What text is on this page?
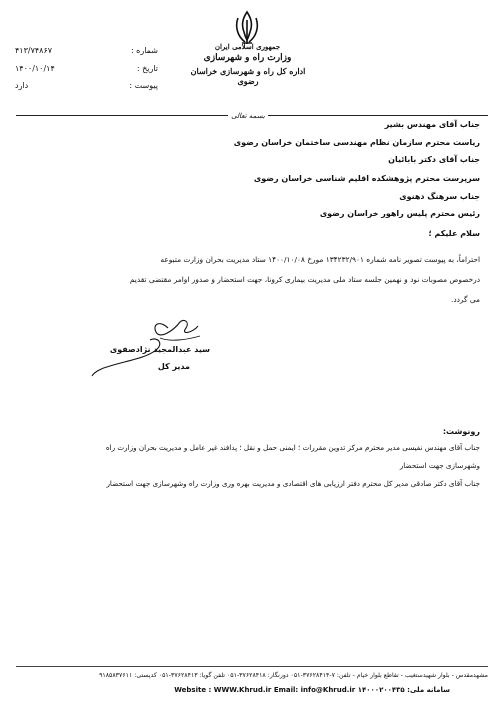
جمهوری اسلامی ایران
وزارت راه و شهرسازی
اداره کل راه و شهرسازی خراسان رضوی
شماره :
۴۱۳/۷۴۸۶۷
تاریخ :
۱۴۰۰/۱۰/۱۴
پیوست :
دارد
بسمه تعالی
جناب آقای مهندس بشیر
ریاست محترم سازمان نظام مهندسی ساختمان خراسان رضوی
جناب آقای دکتر بابائیان
سرپرست محترم پژوهشکده اقلیم شناسی خراسان رضوی
جناب سرهنگ دهنوی
رئیس محترم پلیس راهور خراسان رضوی
سلام علیکم ؛
احتراماً، به پیوست تصویر نامه شماره ۱۳۴۲۳۲/۹۰۱ مورخ ۱۴۰۰/۱۰/۰۸ ستاد مدیریت بحران وزارت متبوعه
درخصوص مصوبات نود و نهمین جلسه ستاد ملی مدیریت بیماری کرونا، جهت استحضار و صدور اوامر مقتضی تقدیم
می گردد.
سید عبدالمجید نژادصفوی
مدیر کل
رونوشت:
جناب آقای مهندس نفیسی مدیر محترم مرکز تدوین مقررات ؛ ایمنی حمل و نقل ؛ پدافند غیر عامل و مدیریت بحران وزارت راه
وشهرسازی جهت استحضار
جناب آقای دکتر صادقی مدیر کل محترم دفتر ارزیابی های اقتصادی و مدیریت بهره وری وزارت راه وشهرسازی جهت استحضار
مشهدمقدس - بلوار شهیدستغیب - تقاطع بلوار خیام - تلفن: ۷-۳۷۶۲۸۴۱۴-۰۵۱ دورنگار: ۳۷۶۲۸۴۱۸-۰۵۱ تلفن گویا: ۳۷۶۲۸۴۱۳-۰۵۱ کدپستی: ۹۱۸۵۸۳۷۶۱۱
Website : WWW.Khrud.ir Email: info@Khrud.ir سامانه ملی: ۱۴۰۰۰۲۰۰۴۳۵
